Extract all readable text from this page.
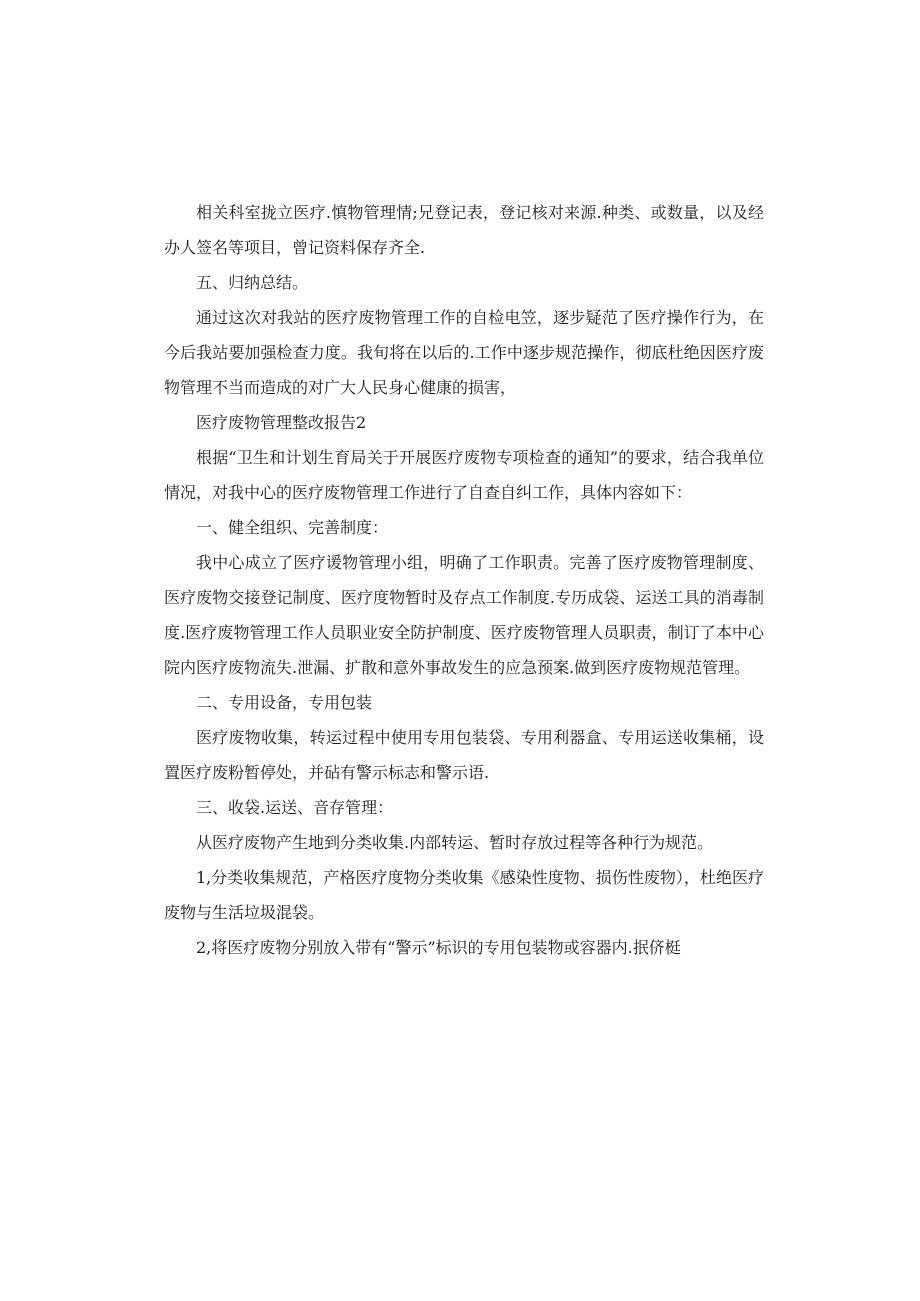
相关科室拢立医疗.慎物管理情;兄登记表，登记核对来源.种类、或数量，以及经办人签名等项目，曾记资料保存齐全.

五、归纳总结。

通过这次对我站的医疗废物管理工作的自检电笠，逐步疑范了医疗操作行为，在今后我站要加强检查力度。我旬将在以后的.工作中逐步规范操作，彻底杜绝因医疗废物管理不当而造成的对广大人民身心健康的损害，

医疗废物管理整改报告2

根据“卫生和计划生育局关于开展医疗废物专项检查的通知”的要求，结合我单位情况，对我中心的医疗废物管理工作进行了自查自纠工作，具体内容如下：

一、健全组织、完善制度：

我中心成立了医疗谖物管理小组，明确了工作职责。完善了医疗废物管理制度、医疗废物交接登记制度、医疗度物暂时及存点工作制度.专历成袋、运送工具的消毒制度.医疗废物管理工作人员职业安全防护制度、医疗废物管理人员职责，制订了本中心院内医疗废物流失.泄漏、扩散和意外事故发生的应急预案.做到医疗废物规范管理。

二、专用设备，专用包装

医疗废物收集，转运过程中使用专用包装袋、专用利器盒、专用运送收集桶，设置医疗废粉暂停处，并砧有警示标志和警示语.

三、收袋.运送、音存管理：

从医疗废物产生地到分类收集.内部转运、暂时存放过程等各种行为规范。

1,分类收集规范，产格医疗度物分类收集《感染性度物、损伤性废物），杜绝医疗废物与生活垃圾混袋。

2,将医疗废物分别放入带有“警示”标识的专用包装物或容器内.抿侪梃
